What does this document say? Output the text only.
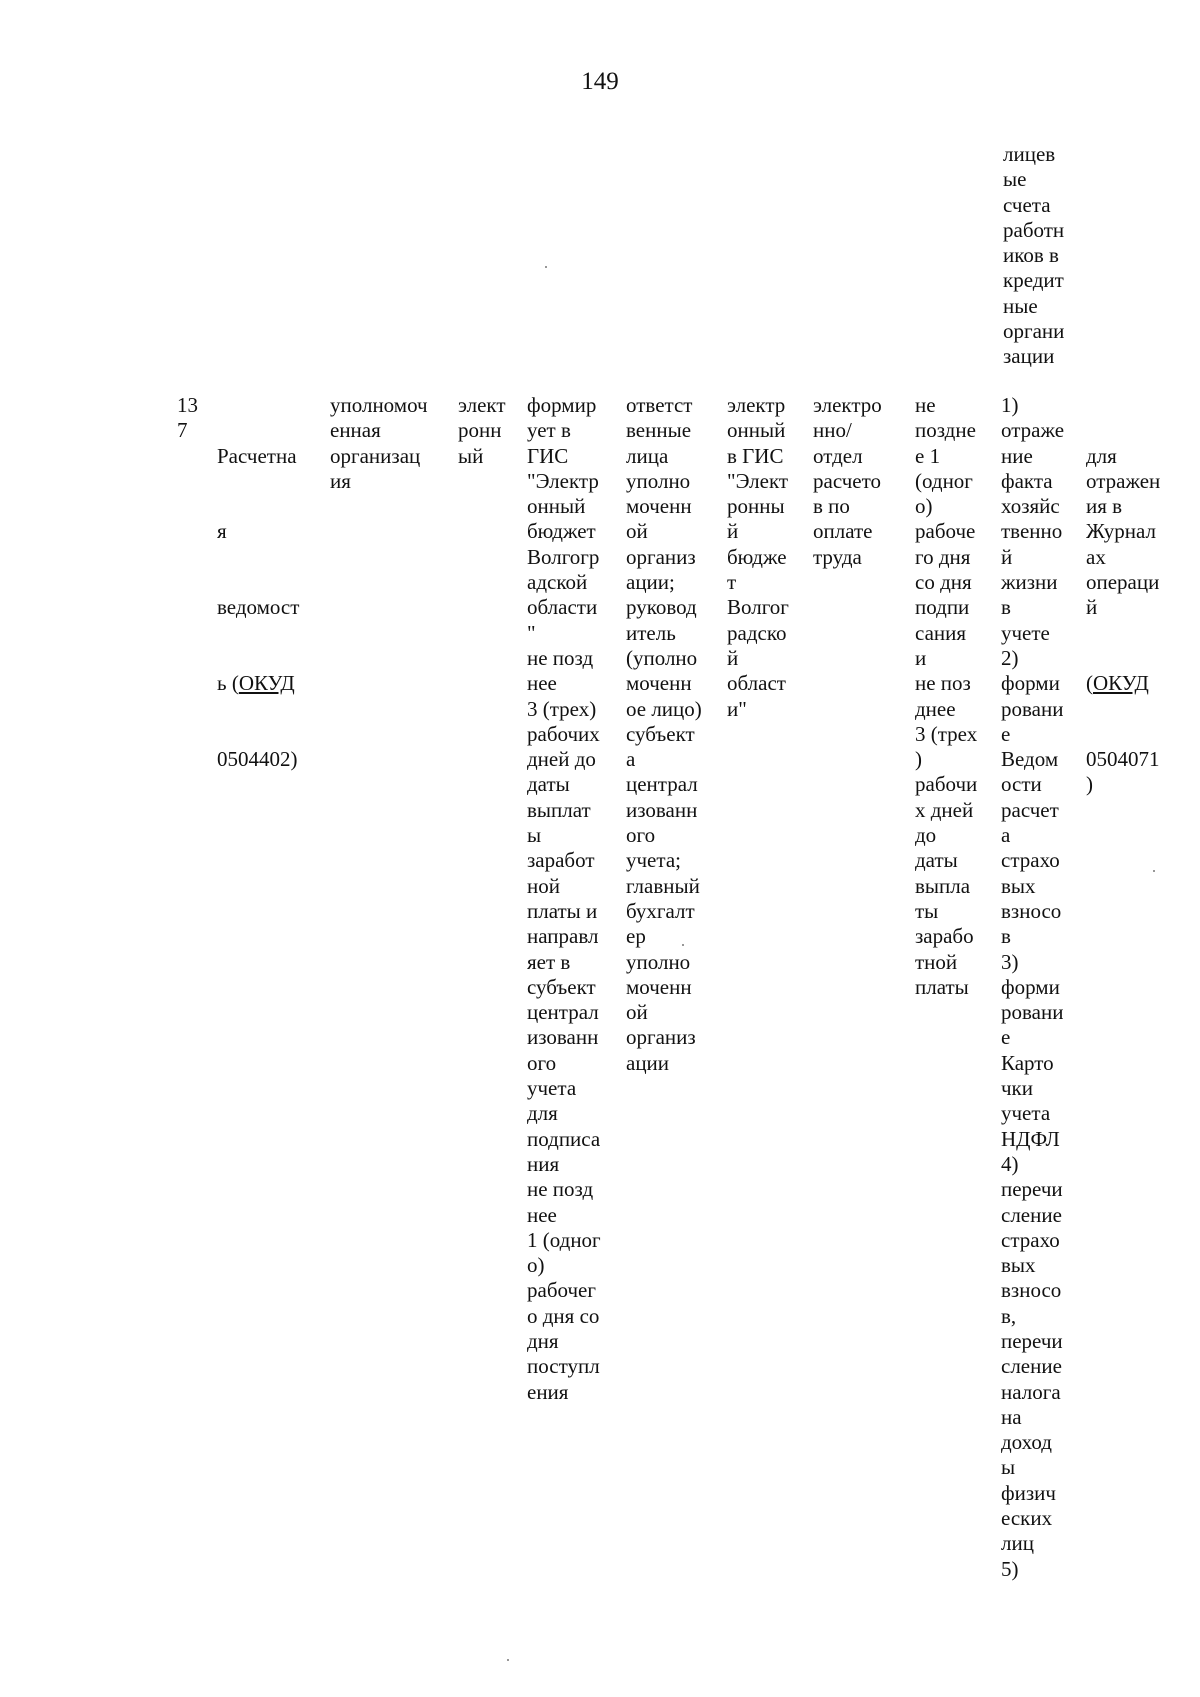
149
лицев
ые
счета
работн
иков в
кредит
ные
органи
зации
13
7

Расчетна

я

ведомост

ь (ОКУД

0504402)

уполномоч
енная
организац
ия
элект
ронн
ый
формир
ует в
ГИС
"Электр
онный
бюджет
Волгогр
адской
области
"
не позд
нее
3 (трех)
рабочих
дней до
даты
выплат
ы
заработ
ной
платы и
направл
яет в
субъект
централ
изованн
ого
учета
для
подписа
ния
не позд
нее
1 (одног
о)
рабочег
о дня со
дня
поступл
ения
ответст
венные
лица
уполно
моченн
ой
организ
ации;
руковод
итель
(уполно
моченн
ое лицо)
субъект
а
централ
изованн
ого
учета;
главный
бухгалт
ер
уполно
моченн
ой
организ
ации
электр
онный
в ГИС
"Элект
ронны
й
бюдже
т
Волгог
радско
й
област
и"
электро
нно/
отдел
расчето
в по
оплате
труда
не
поздне
е 1
(одног
о)
рабоче
го дня
со дня
подпи
сания
и
не поз
днее
3 (трех
)
рабочи
х дней
до
даты
выпла
ты
зарабо
тной
платы
1)
отраже
ние
факта
хозяйс
твенно
й
жизни
в
учете
2)
форми
ровани
е
Ведом
ости
расчет
а
страхо
вых
взносо
в
3)
форми
ровани
е
Карто
чки
учета
НДФЛ
4)
перечи
сление
страхо
вых
взносо
в,
перечи
сление
налога
на
доход
ы
физич
еских
лиц
5)

для
отражен
ия в
Журнал
ах
операци
й

(ОКУД

0504071
)
